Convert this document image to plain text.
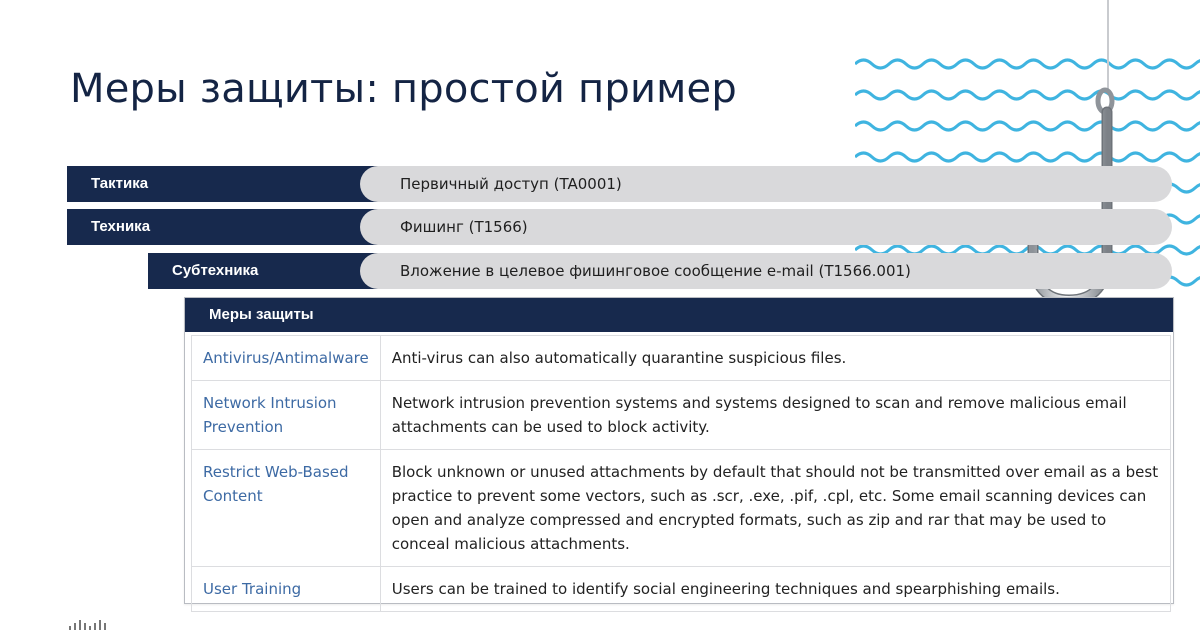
Меры защиты: простой пример
Тактика	Первичный доступ (TA0001)
Техника	Фишинг (T1566)
Субтехника	Вложение в целевое фишинговое сообщение e-mail (T1566.001)
Меры защиты
Antivirus/Antimalware	Anti-virus can also automatically quarantine suspicious files.
Network Intrusion Prevention	Network intrusion prevention systems and systems designed to scan and remove malicious email attachments can be used to block activity.
Restrict Web-Based Content	Block unknown or unused attachments by default that should not be transmitted over email as a best practice to prevent some vectors, such as .scr, .exe, .pif, .cpl, etc. Some email scanning devices can open and analyze compressed and encrypted formats, such as zip and rar that may be used to conceal malicious attachments.
User Training	Users can be trained to identify social engineering techniques and spearphishing emails.
